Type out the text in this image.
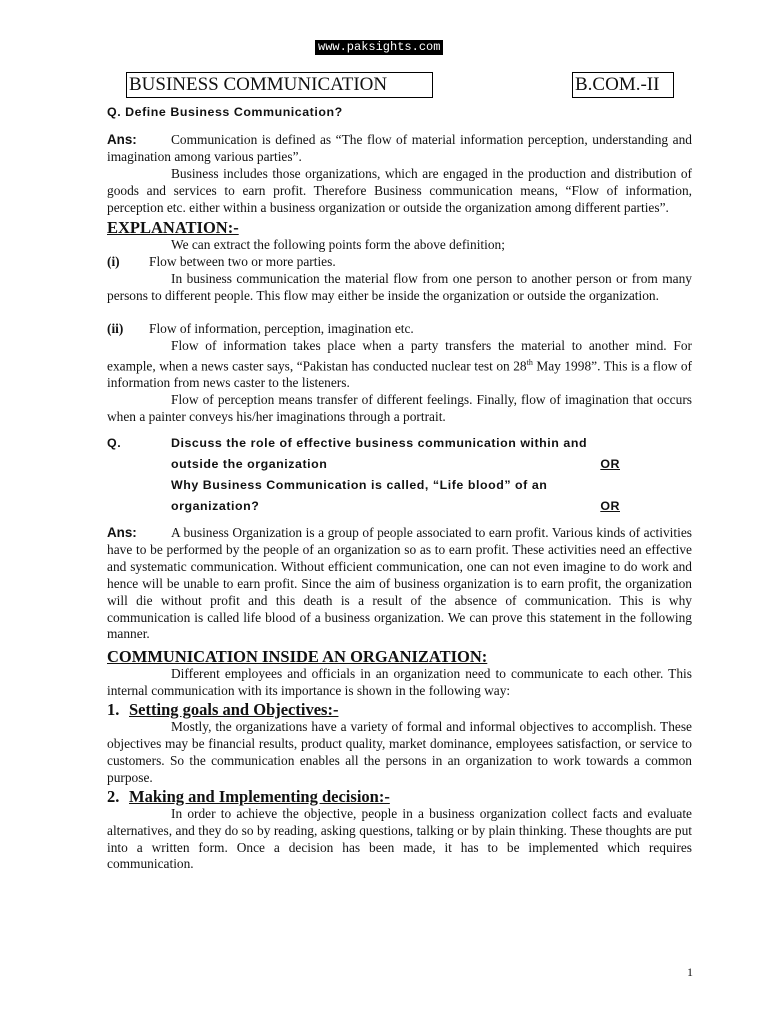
www.paksights.com
BUSINESS COMMUNICATION	B.COM.-II

Q. Define Business Communication?

Ans:	Communication is defined as “The flow of material information perception, understanding and imagination among various parties”.

Business includes those organizations, which are engaged in the production and distribution of goods and services to earn profit. Therefore Business communication means, “Flow of information, perception etc. either within a business organization or outside the organization among different parties”.

EXPLANATION:-

We can extract the following points form the above definition;

(i) Flow between two or more parties.

In business communication the material flow from one person to another person or from many persons to different people. This flow may either be inside the organization or outside the organization.

(ii) Flow of information, perception, imagination etc.

Flow of information takes place when a party transfers the material to another mind. For example, when a news caster says, “Pakistan has conducted nuclear test on 28th May 1998”. This is a flow of information from news caster to the listeners.

Flow of perception means transfer of different feelings. Finally, flow of imagination that occurs when a painter conveys his/her imaginations through a portrait.

Q.	Discuss the role of effective business communication within and
outside the organization	OR
Why Business Communication is called, “Life blood” of an
organization?	OR

Ans:	A business Organization is a group of people associated to earn profit. Various kinds of activities have to be performed by the people of an organization so as to earn profit. These activities need an effective and systematic communication. Without efficient communication, one can not even imagine to do work and hence will be unable to earn profit. Since the aim of business organization is to earn profit, the organization will die without profit and this death is a result of the absence of communication. This is why communication is called life blood of a business organization. We can prove this statement in the following manner.

COMMUNICATION INSIDE AN ORGANIZATION:

Different employees and officials in an organization need to communicate to each other. This internal communication with its importance is shown in the following way:

1. Setting goals and Objectives:-

Mostly, the organizations have a variety of formal and informal objectives to accomplish. These objectives may be financial results, product quality, market dominance, employees satisfaction, or service to customers. So the communication enables all the persons in an organization to work towards a common purpose.

2. Making and Implementing decision:-

In order to achieve the objective, people in a business organization collect facts and evaluate alternatives, and they do so by reading, asking questions, talking or by plain thinking. These thoughts are put into a written form. Once a decision has been made, it has to be implemented which requires communication.

1
